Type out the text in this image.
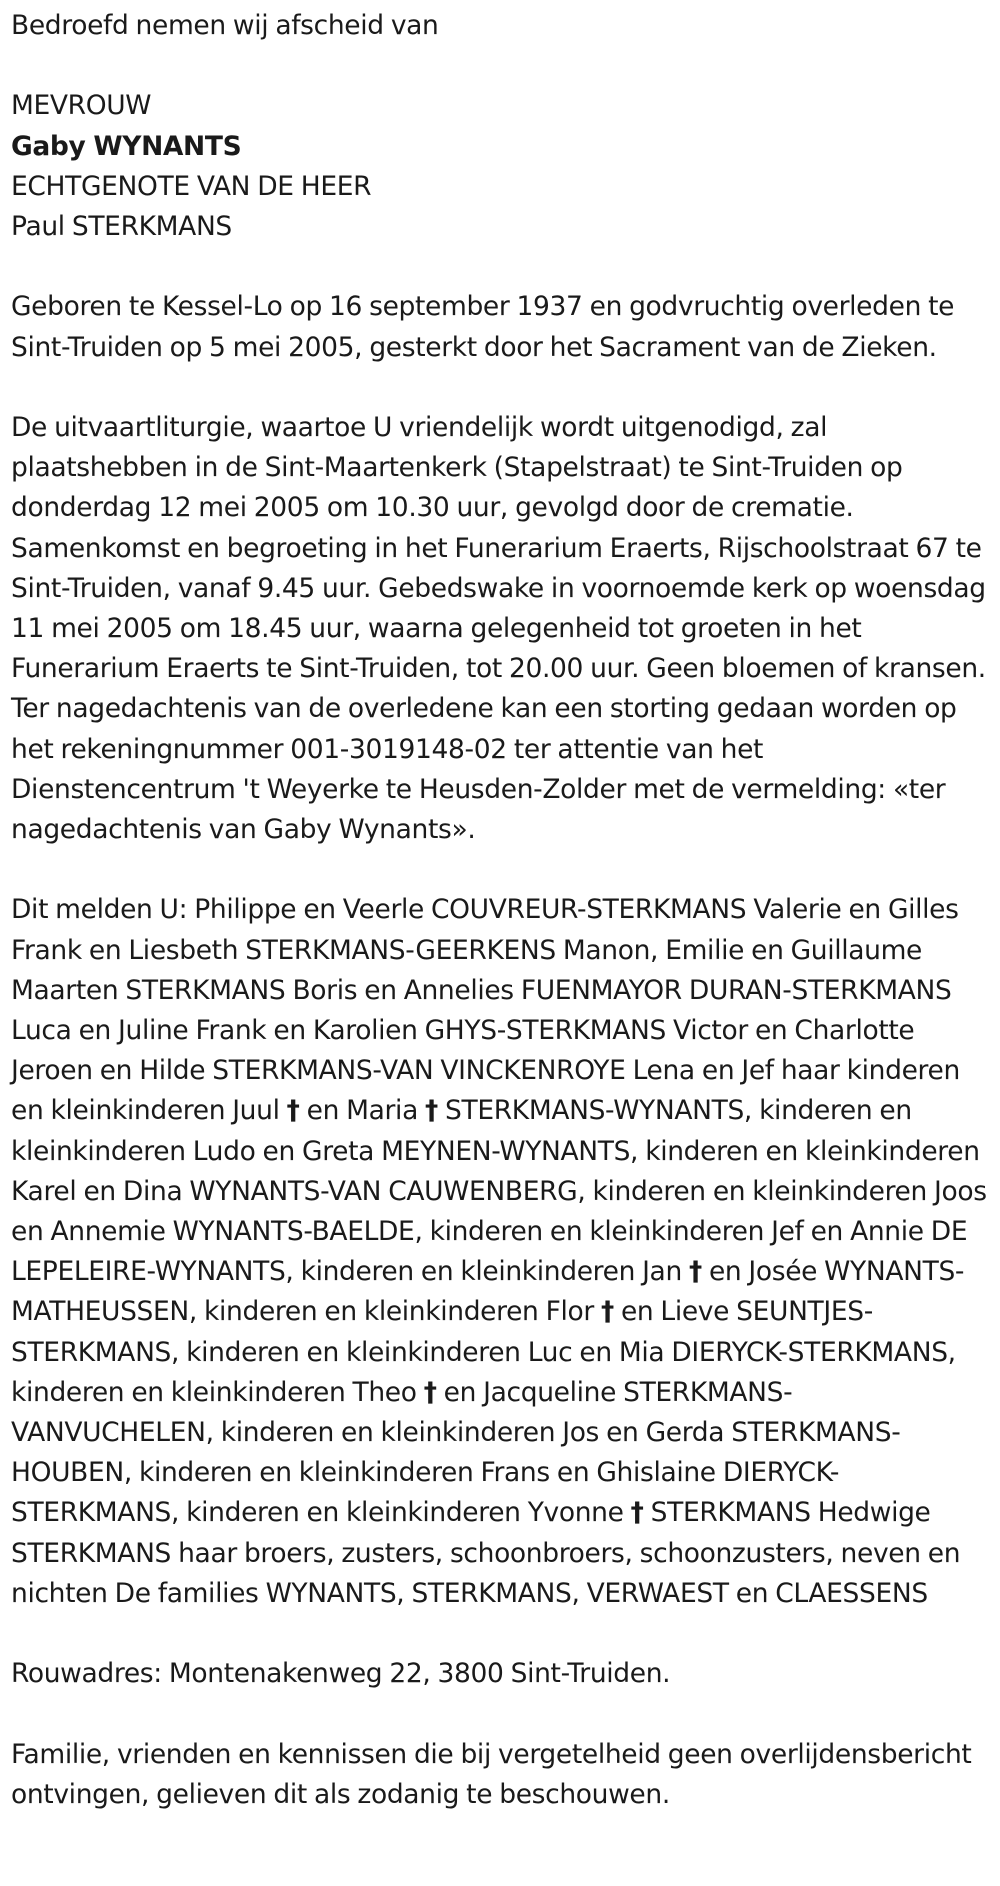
Bedroefd nemen wij afscheid van

MEVROUW

Gaby WYNANTS

ECHTGENOTE VAN DE HEER

Paul STERKMANS

Geboren te Kessel-Lo op 16 september 1937 en godvruchtig overleden te Sint-Truiden op 5 mei 2005, gesterkt door het Sacrament van de Zieken.

De uitvaartliturgie, waartoe U vriendelijk wordt uitgenodigd, zal plaatshebben in de Sint-Maartenkerk (Stapelstraat) te Sint-Truiden op donderdag 12 mei 2005 om 10.30 uur, gevolgd door de crematie. Samenkomst en begroeting in het Funerarium Eraerts, Rijschoolstraat 67 te Sint-Truiden, vanaf 9.45 uur. Gebedswake in voornoemde kerk op woensdag 11 mei 2005 om 18.45 uur, waarna gelegenheid tot groeten in het Funerarium Eraerts te Sint-Truiden, tot 20.00 uur. Geen bloemen of kransen. Ter nagedachtenis van de overledene kan een storting gedaan worden op het rekeningnummer 001-3019148-02 ter attentie van het Dienstencentrum 't Weyerke te Heusden-Zolder met de vermelding: «ter nagedachtenis van Gaby Wynants».

Dit melden U: Philippe en Veerle COUVREUR-STERKMANS Valerie en Gilles Frank en Liesbeth STERKMANS-GEERKENS Manon, Emilie en Guillaume Maarten STERKMANS Boris en Annelies FUENMAYOR DURAN-STERKMANS Luca en Juline Frank en Karolien GHYS-STERKMANS Victor en Charlotte Jeroen en Hilde STERKMANS-VAN VINCKENROYE Lena en Jef haar kinderen en kleinkinderen Juul † en Maria † STERKMANS-WYNANTS, kinderen en kleinkinderen Ludo en Greta MEYNEN-WYNANTS, kinderen en kleinkinderen Karel en Dina WYNANTS-VAN CAUWENBERG, kinderen en kleinkinderen Joos en Annemie WYNANTS-BAELDE, kinderen en kleinkinderen Jef en Annie DE LEPELEIRE-WYNANTS, kinderen en kleinkinderen Jan † en Josée WYNANTS-MATHEUSSEN, kinderen en kleinkinderen Flor † en Lieve SEUNTJES-STERKMANS, kinderen en kleinkinderen Luc en Mia DIERYCK-STERKMANS, kinderen en kleinkinderen Theo † en Jacqueline STERKMANS-VANVUCHELEN, kinderen en kleinkinderen Jos en Gerda STERKMANS-HOUBEN, kinderen en kleinkinderen Frans en Ghislaine DIERYCK-STERKMANS, kinderen en kleinkinderen Yvonne † STERKMANS Hedwige STERKMANS haar broers, zusters, schoonbroers, schoonzusters, neven en nichten De families WYNANTS, STERKMANS, VERWAEST en CLAESSENS

Rouwadres: Montenakenweg 22, 3800 Sint-Truiden.

Familie, vrienden en kennissen die bij vergetelheid geen overlijdensbericht ontvingen, gelieven dit als zodanig te beschouwen.
